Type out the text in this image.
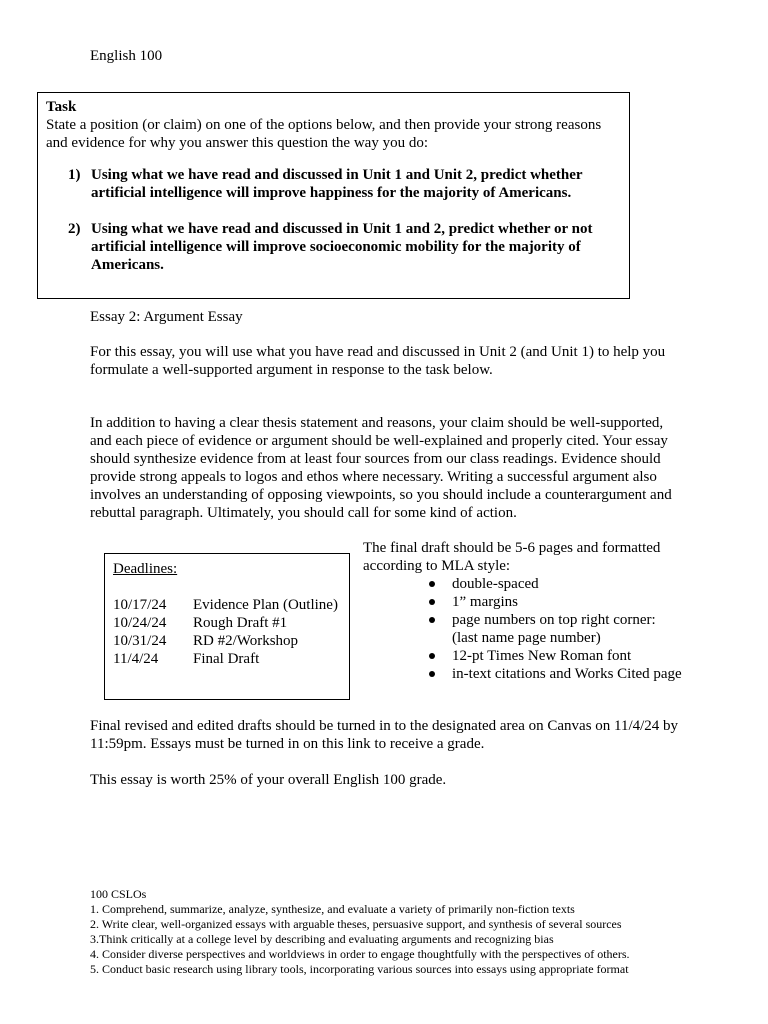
English 100
Task
State a position (or claim) on one of the options below, and then provide your strong reasons and evidence for why you answer this question the way you do:
1) Using what we have read and discussed in Unit 1 and Unit 2, predict whether artificial intelligence will improve happiness for the majority of Americans.
2) Using what we have read and discussed in Unit 1 and 2, predict whether or not artificial intelligence will improve socioeconomic mobility for the majority of Americans.
Essay 2: Argument Essay
For this essay, you will use what you have read and discussed in Unit 2 (and Unit 1) to help you formulate a well-supported argument in response to the task below.
In addition to having a clear thesis statement and reasons, your claim should be well-supported, and each piece of evidence or argument should be well-explained and properly cited. Your essay should synthesize evidence from at least four sources from our class readings. Evidence should provide strong appeals to logos and ethos where necessary. Writing a successful argument also involves an understanding of opposing viewpoints, so you should include a counterargument and rebuttal paragraph. Ultimately, you should call for some kind of action.
Deadlines:
10/17/24	Evidence Plan (Outline)
10/24/24	Rough Draft #1
10/31/24	RD #2/Workshop
11/4/24	Final Draft
The final draft should be 5-6 pages and formatted according to MLA style:
double-spaced
1” margins
page numbers on top right corner: (last name page number)
12-pt Times New Roman font
in-text citations and Works Cited page
Final revised and edited drafts should be turned in to the designated area on Canvas on 11/4/24 by 11:59pm. Essays must be turned in on this link to receive a grade.
This essay is worth 25% of your overall English 100 grade.
100 CSLOs
1. Comprehend, summarize, analyze, synthesize, and evaluate a variety of primarily non-fiction texts
2. Write clear, well-organized essays with arguable theses, persuasive support, and synthesis of several sources
3.Think critically at a college level by describing and evaluating arguments and recognizing bias
4. Consider diverse perspectives and worldviews in order to engage thoughtfully with the perspectives of others.
5. Conduct basic research using library tools, incorporating various sources into essays using appropriate format
